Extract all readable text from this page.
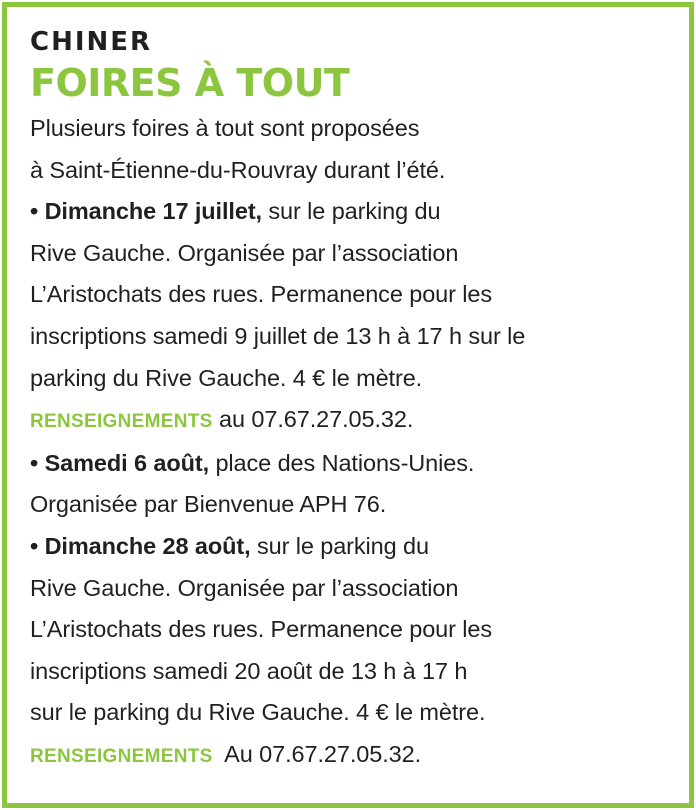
CHINER
FOIRES À TOUT
Plusieurs foires à tout sont proposées
à Saint-Étienne-du-Rouvray durant l’été.
• Dimanche 17 juillet, sur le parking du
Rive Gauche. Organisée par l’association
L’Aristochats des rues. Permanence pour les
inscriptions samedi 9 juillet de 13 h à 17 h sur le
parking du Rive Gauche. 4 € le mètre.
RENSEIGNEMENTS au 07.67.27.05.32.
• Samedi 6 août, place des Nations-Unies.
Organisée par Bienvenue APH 76.
• Dimanche 28 août, sur le parking du
Rive Gauche. Organisée par l’association
L’Aristochats des rues. Permanence pour les
inscriptions samedi 20 août de 13 h à 17 h
sur le parking du Rive Gauche. 4 € le mètre.
RENSEIGNEMENTS  Au 07.67.27.05.32.
